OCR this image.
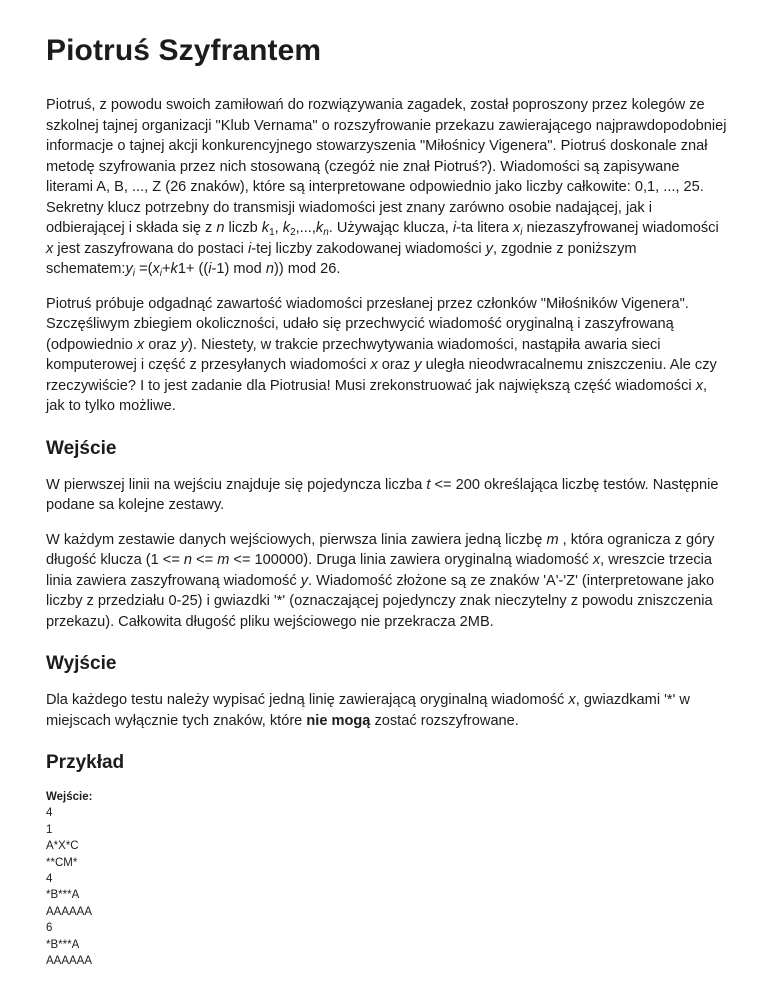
Piotruś Szyfrantem

Piotruś, z powodu swoich zamiłowań do rozwiązywania zagadek, został poproszony przez kolegów ze szkolnej tajnej organizacji "Klub Vernama" o rozszyfrowanie przekazu zawierającego najprawdopodobniej informacje o tajnej akcji konkurencyjnego stowarzyszenia "Miłośnicy Vigenera". Piotruś doskonale znał metodę szyfrowania przez nich stosowaną (czegóż nie znał Piotruś?). Wiadomości są zapisywane literami A, B, ..., Z (26 znaków), które są interpretowane odpowiednio jako liczby całkowite: 0,1, ..., 25. Sekretny klucz potrzebny do transmisji wiadomości jest znany zarówno osobie nadającej, jak i odbierającej i składa się z n liczb $k_1$, $k_2,...,k_n$. Używając klucza, i-ta litera $x_i$ niezaszyfrowanej wiadomości x jest zaszyfrowana do postaci i-tej liczby zakodowanej wiadomości y, zgodnie z poniższym $schematem:y_i =(x_i+k1+ ((i-1)$ mod n)) mod 26.

Piotruś próbuje odgadnąć zawartość wiadomości przesłanej przez członków "Miłośników Vigenera". Szczęśliwym zbiegiem okoliczności, udało się przechwycić wiadomość oryginalną i zaszyfrowaną (odpowiednio x oraz y). Niestety, w trakcie przechwytywania wiadomości, nastąpiła awaria sieci komputerowej i część z przesyłanych wiadomości x oraz y uległa nieodwracalnemu zniszczeniu. Ale czy rzeczywiście? I to jest zadanie dla Piotrusia! Musi zrekonstruować jak największą część wiadomości x, jak to tylko możliwe.

Wejście

W pierwszej linii na wejściu znajduje się pojedyncza liczba t <= 200 określająca liczbę testów. Następnie podane sa kolejne zestawy.

W każdym zestawie danych wejściowych, pierwsza linia zawiera jedną liczbę m , która ogranicza z góry długość klucza (1 <= n <= m <= 100000). Druga linia zawiera oryginalną wiadomość x, wreszcie trzecia linia zawiera zaszyfrowaną wiadomość y. Wiadomość złożone są ze znaków 'A'-'Z' (interpretowane jako liczby z przedziału 0-25) i gwiazdki '*' (oznaczającej pojedynczy znak nieczytelny z powodu zniszczenia przekazu). Całkowita długość pliku wejściowego nie przekracza 2MB.

Wyjście

Dla każdego testu należy wypisać jedną linię zawierającą oryginalną wiadomość x, gwiazdkami '*' w miejscach wyłącznie tych znaków, które nie mogą zostać rozszyfrowane.

Przykład
Wejście:
4
1
A*X*C
**CM*
4
*B***A
AAAAAA
6
*B***A
AAAAAA
